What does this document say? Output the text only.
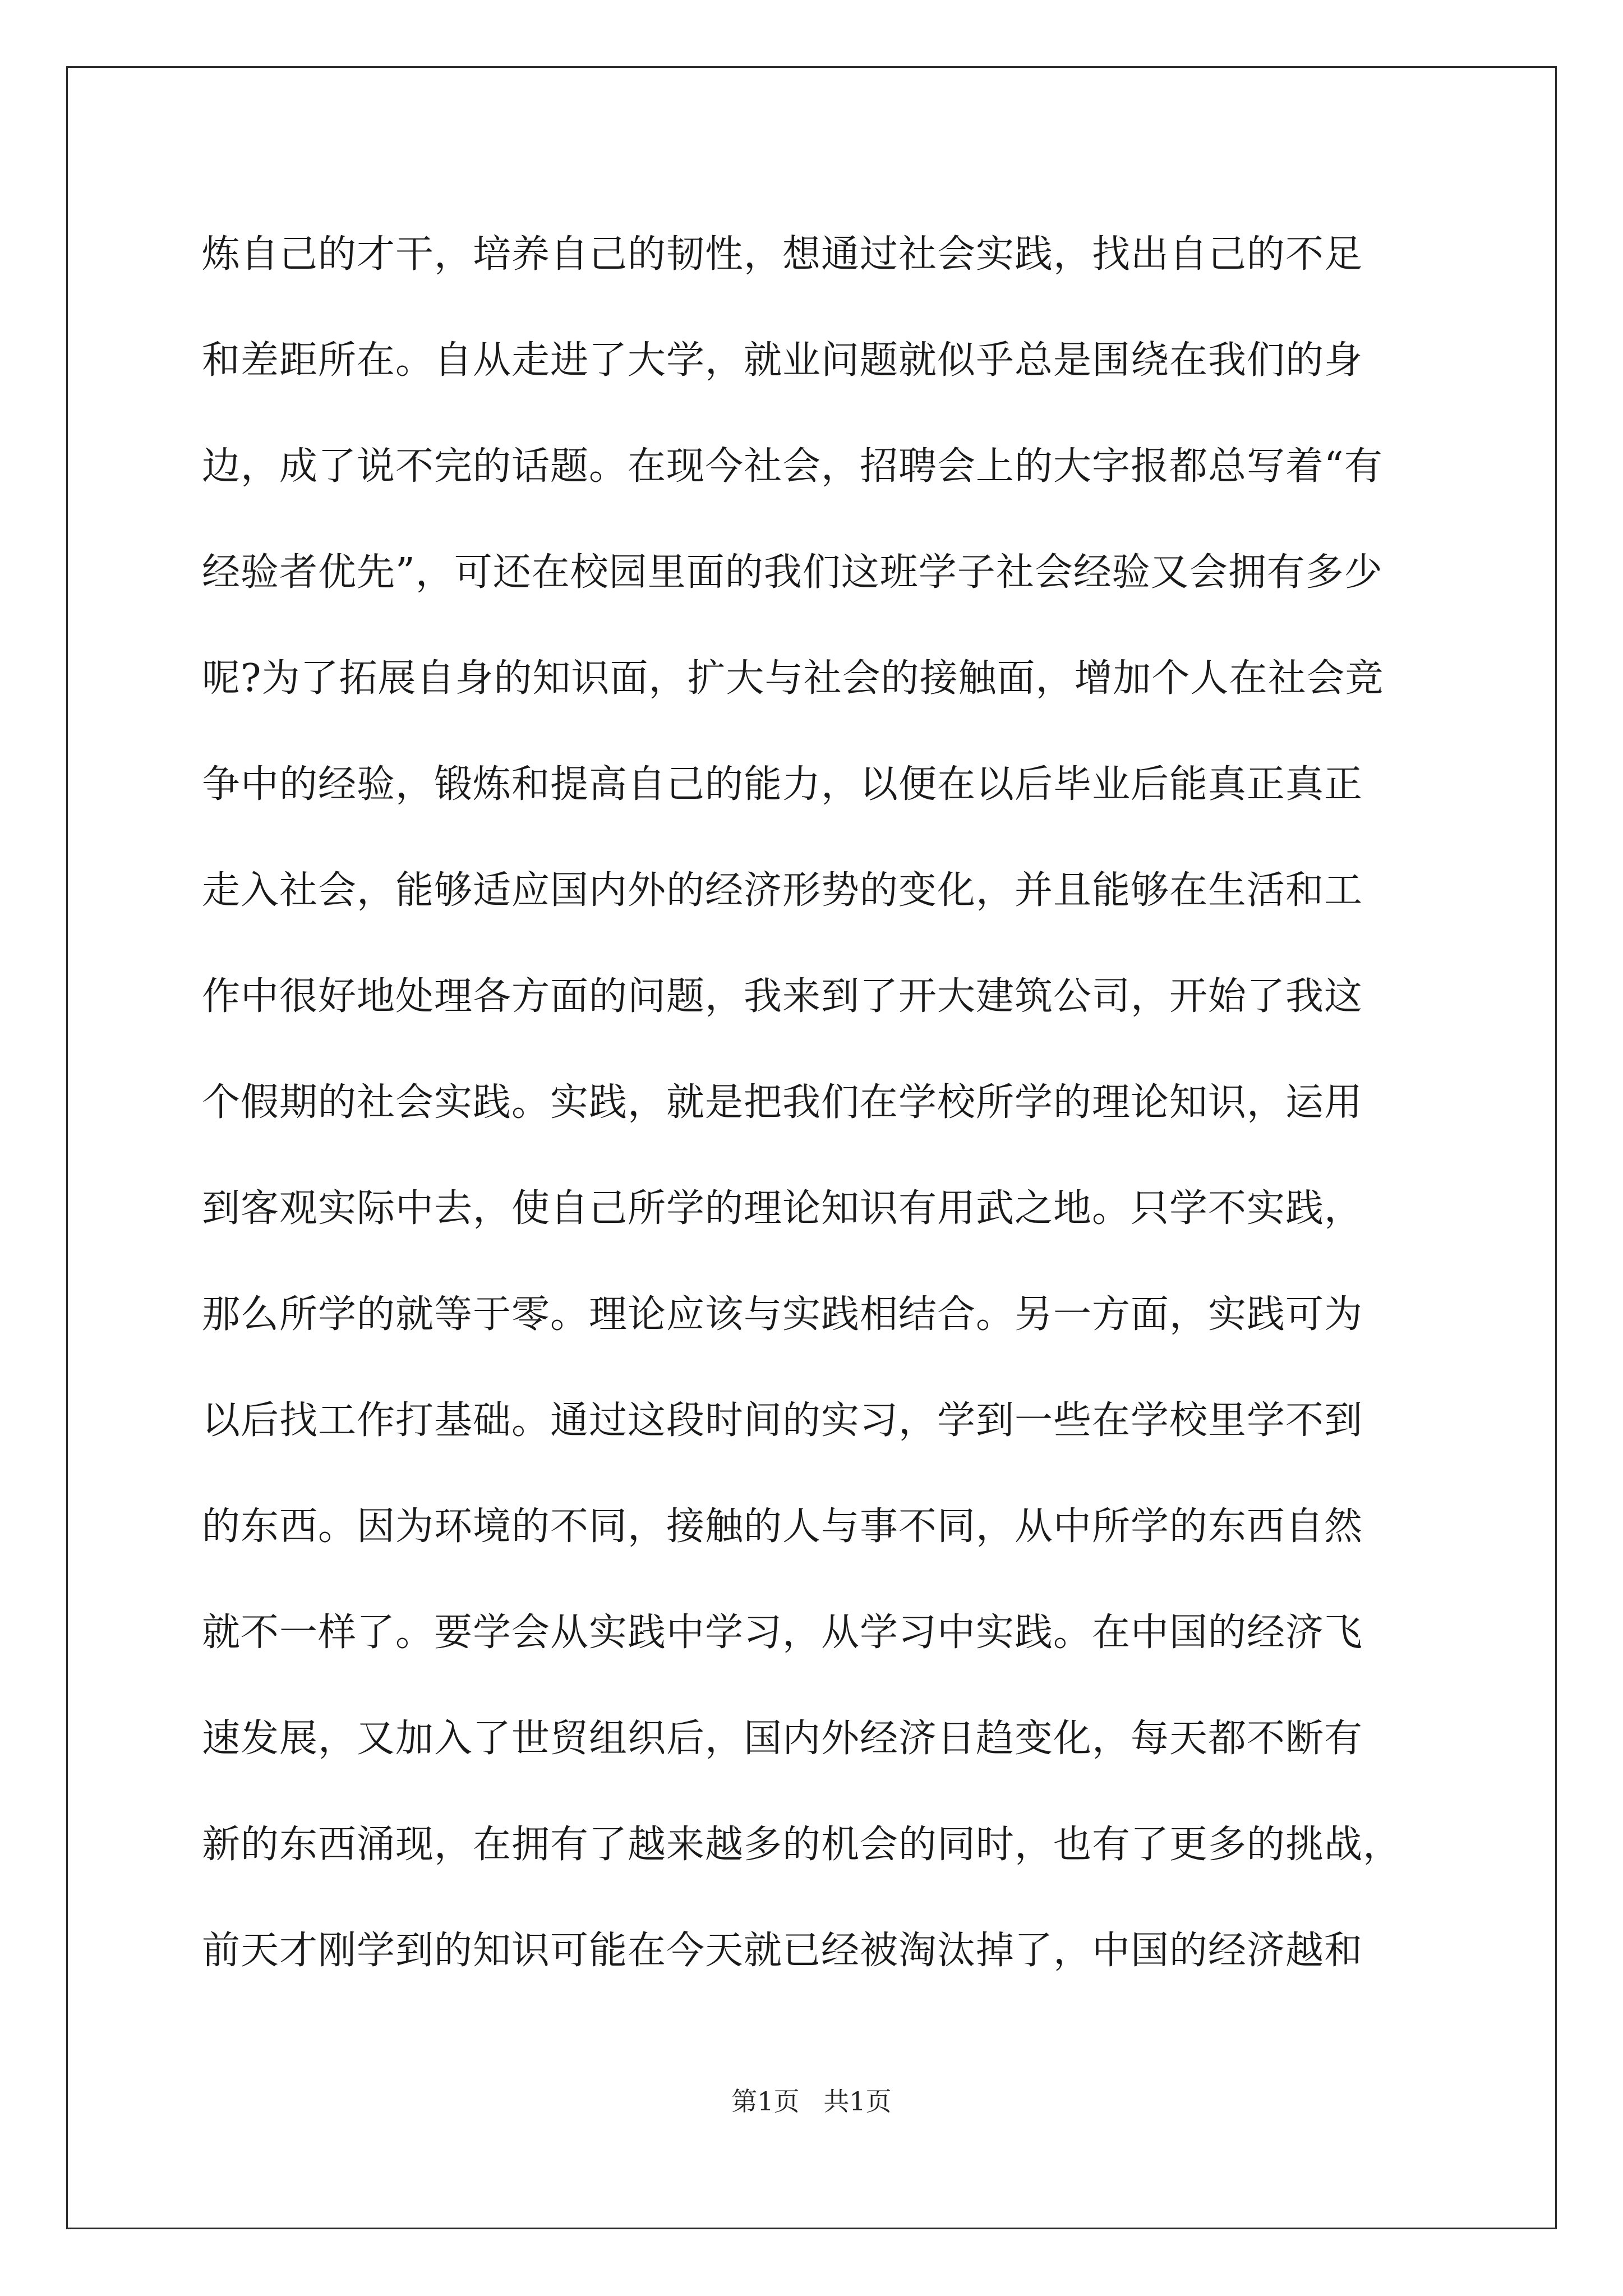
炼自己的才干，培养自己的韧性，想通过社会实践，找出自己的不足
和差距所在。自从走进了大学，就业问题就似乎总是围绕在我们的身
边，成了说不完的话题。在现今社会，招聘会上的大字报都总写着“有
经验者优先”，可还在校园里面的我们这班学子社会经验又会拥有多少
呢?为了拓展自身的知识面，扩大与社会的接触面，增加个人在社会竞
争中的经验，锻炼和提高自己的能力，以便在以后毕业后能真正真正
走入社会，能够适应国内外的经济形势的变化，并且能够在生活和工
作中很好地处理各方面的问题，我来到了开大建筑公司，开始了我这
个假期的社会实践。实践，就是把我们在学校所学的理论知识，运用
到客观实际中去，使自己所学的理论知识有用武之地。只学不实践，
那么所学的就等于零。理论应该与实践相结合。另一方面，实践可为
以后找工作打基础。通过这段时间的实习，学到一些在学校里学不到
的东西。因为环境的不同，接触的人与事不同，从中所学的东西自然
就不一样了。要学会从实践中学习，从学习中实践。在中国的经济飞
速发展，又加入了世贸组织后，国内外经济日趋变化，每天都不断有
新的东西涌现，在拥有了越来越多的机会的同时，也有了更多的挑战，
前天才刚学到的知识可能在今天就已经被淘汰掉了，中国的经济越和
第1页 共1页
